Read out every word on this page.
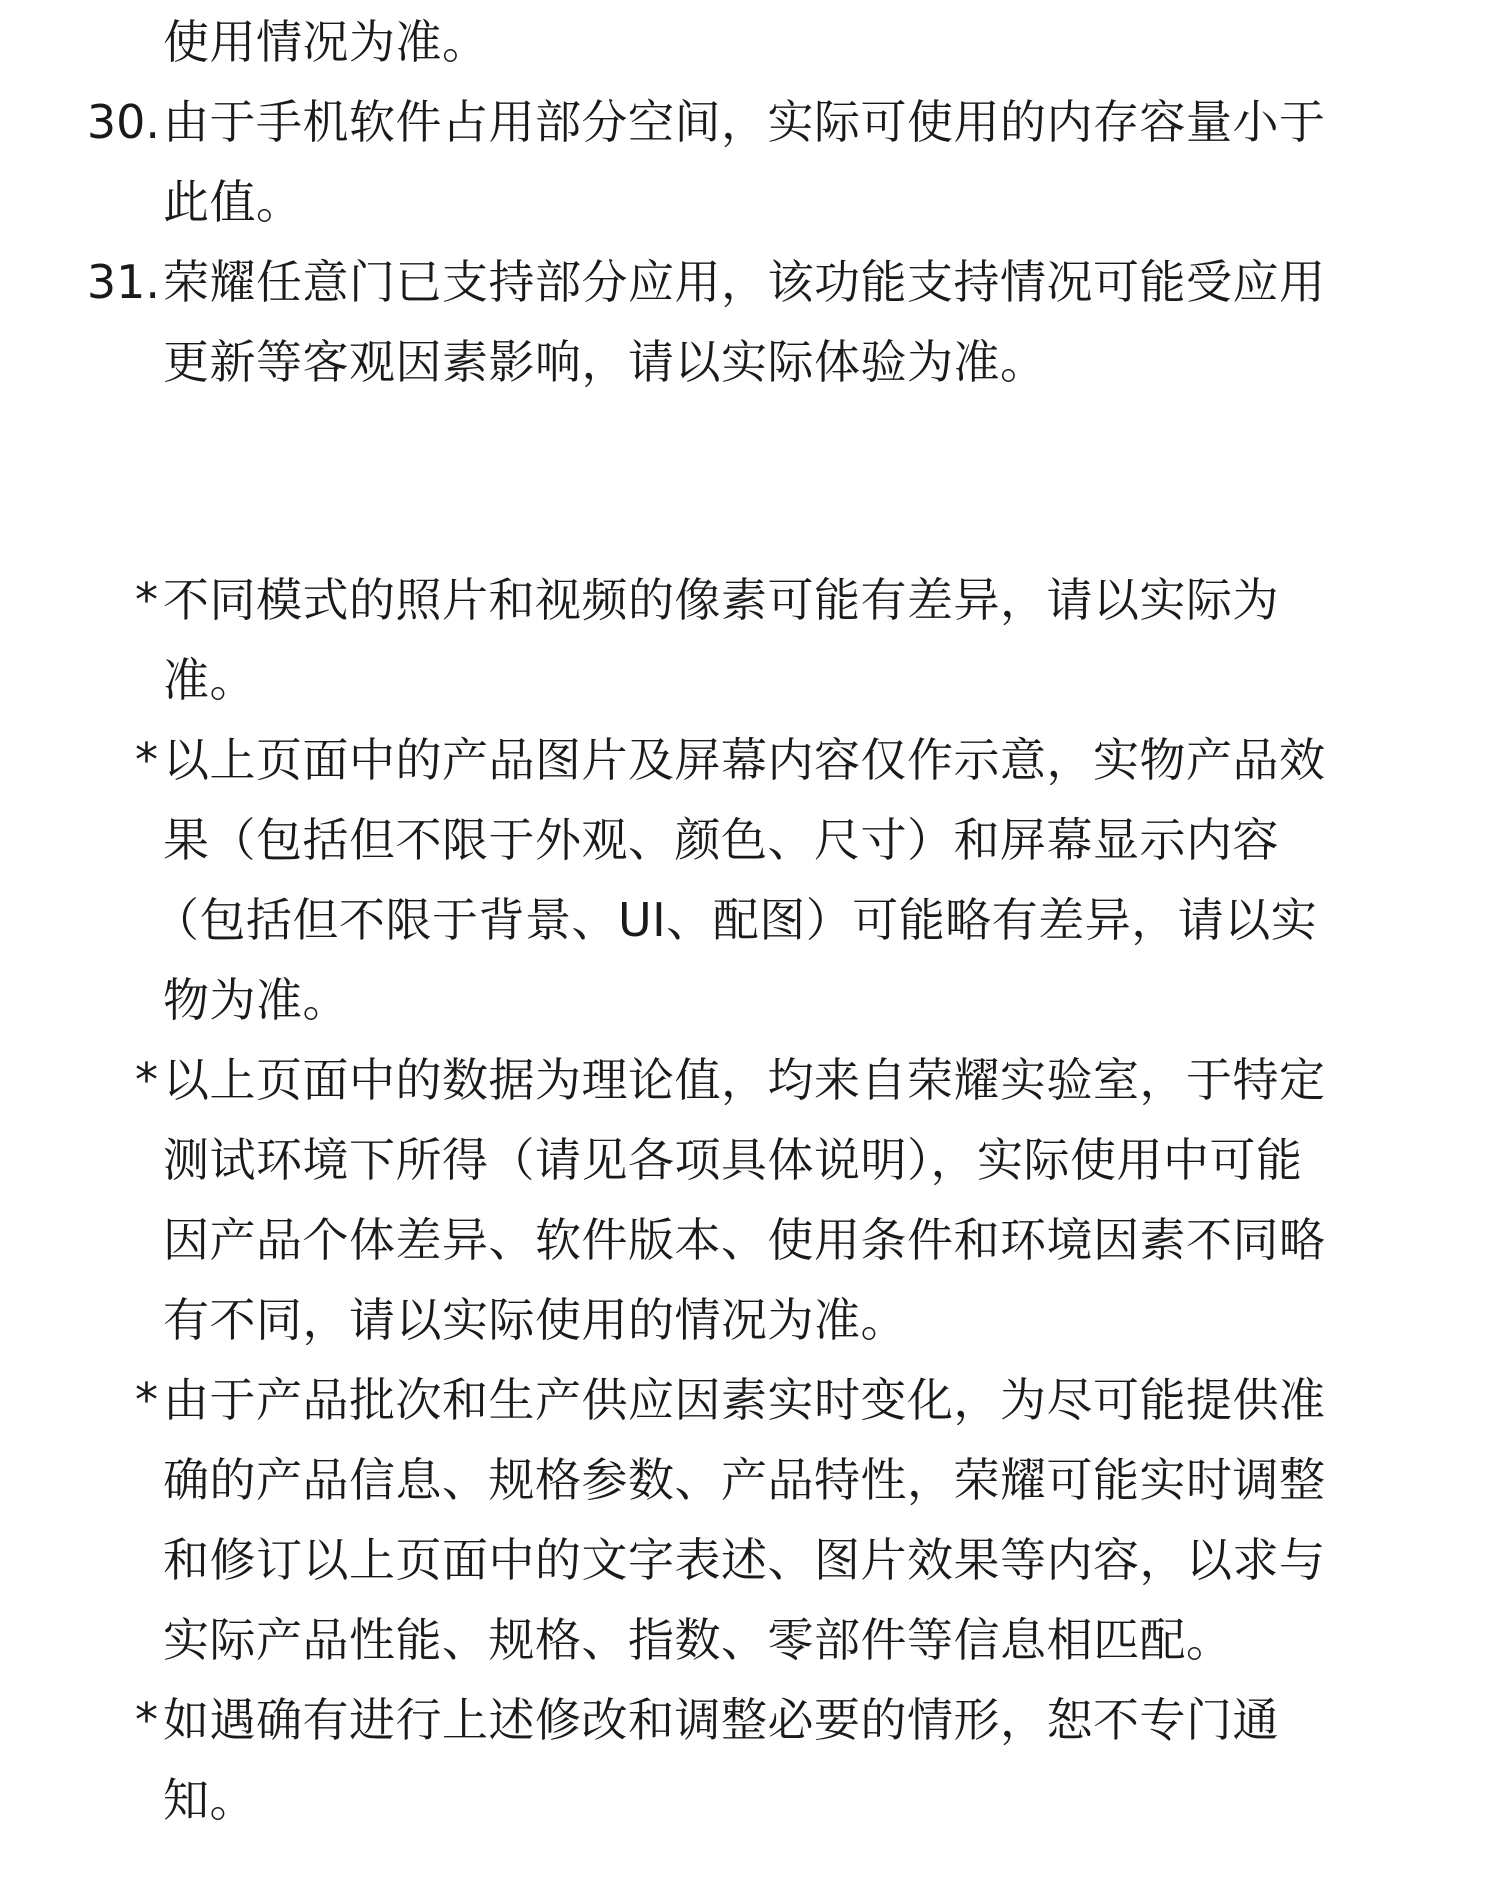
使用情况为准。
30. 由于手机软件占用部分空间，实际可使用的内存容量小于
此值。
31. 荣耀任意门已支持部分应用，该功能支持情况可能受应用
更新等客观因素影响，请以实际体验为准。
* 不同模式的照片和视频的像素可能有差异，请以实际为
准。
* 以上页面中的产品图片及屏幕内容仅作示意，实物产品效
果（包括但不限于外观、颜色、尺寸）和屏幕显示内容
（包括但不限于背景、UI、配图）可能略有差异，请以实
物为准。
* 以上页面中的数据为理论值，均来自荣耀实验室，于特定
测试环境下所得（请见各项具体说明），实际使用中可能
因产品个体差异、软件版本、使用条件和环境因素不同略
有不同，请以实际使用的情况为准。
* 由于产品批次和生产供应因素实时变化，为尽可能提供准
确的产品信息、规格参数、产品特性，荣耀可能实时调整
和修订以上页面中的文字表述、图片效果等内容，以求与
实际产品性能、规格、指数、零部件等信息相匹配。
* 如遇确有进行上述修改和调整必要的情形，恕不专门通
知。
